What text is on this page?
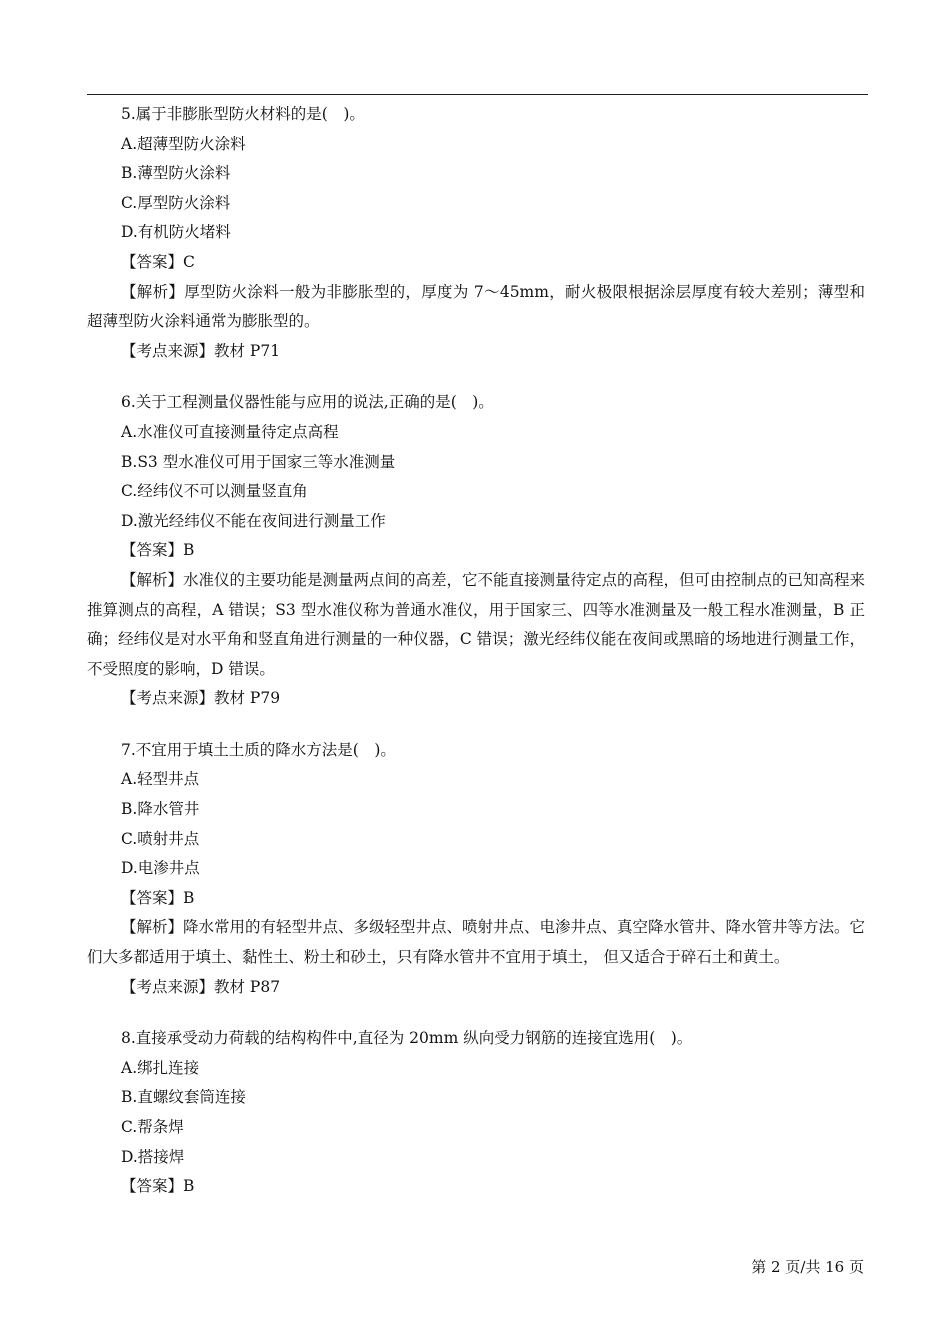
5.属于非膨胀型防火材料的是(　)。
A.超薄型防火涂料
B.薄型防火涂料
C.厚型防火涂料
D.有机防火堵料
【答案】C
【解析】厚型防火涂料一般为非膨胀型的，厚度为 7～45mm，耐火极限根据涂层厚度有较大差别；薄型和超薄型防火涂料通常为膨胀型的。
【考点来源】教材 P71
6.关于工程测量仪器性能与应用的说法,正确的是(　)。
A.水准仪可直接测量待定点高程
B.S3 型水准仪可用于国家三等水准测量
C.经纬仪不可以测量竖直角
D.激光经纬仪不能在夜间进行测量工作
【答案】B
【解析】水准仪的主要功能是测量两点间的高差，它不能直接测量待定点的高程，但可由控制点的已知高程来推算测点的高程，A 错误；S3 型水准仪称为普通水准仪，用于国家三、四等水准测量及一般工程水准测量，B 正确；经纬仪是对水平角和竖直角进行测量的一种仪器，C 错误；激光经纬仪能在夜间或黑暗的场地进行测量工作，不受照度的影响，D 错误。
【考点来源】教材 P79
7.不宜用于填土土质的降水方法是(　)。
A.轻型井点
B.降水管井
C.喷射井点
D.电渗井点
【答案】B
【解析】降水常用的有轻型井点、多级轻型井点、喷射井点、电渗井点、真空降水管井、降水管井等方法。它们大多都适用于填土、黏性土、粉土和砂土，只有降水管井不宜用于填土， 但又适合于碎石土和黄土。
【考点来源】教材 P87
8.直接承受动力荷载的结构构件中,直径为 20mm 纵向受力钢筋的连接宜选用(　)。
A.绑扎连接
B.直螺纹套筒连接
C.帮条焊
D.搭接焊
【答案】B
第 2 页/共 16 页
